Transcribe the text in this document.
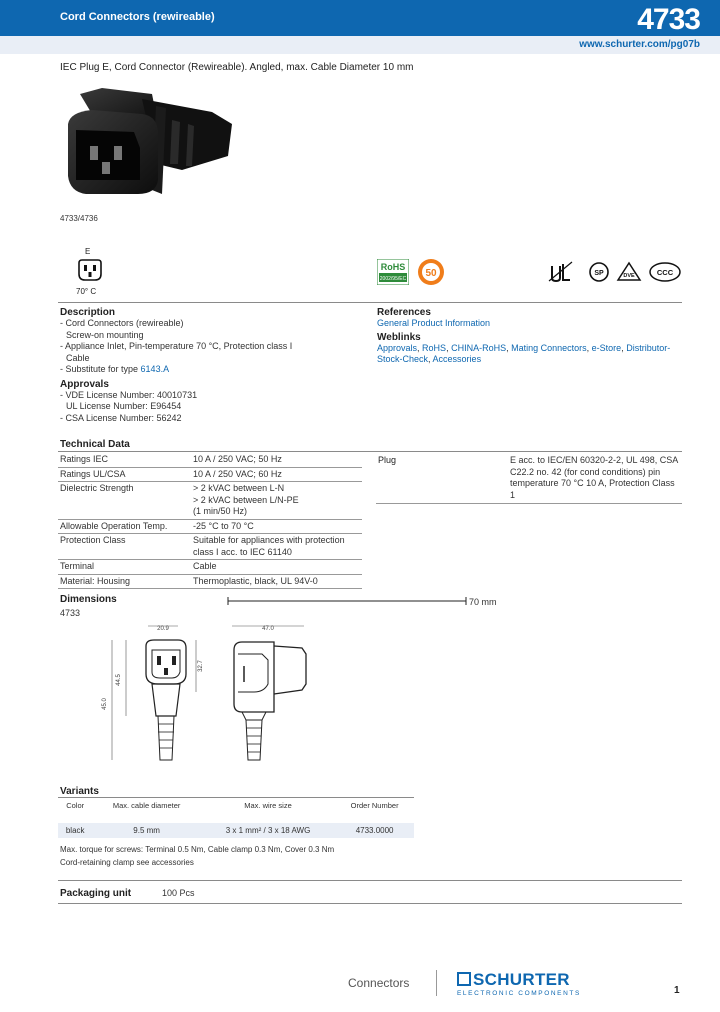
Cord Connectors (rewireable)	4733
www.schurter.com/pg07b
IEC Plug E, Cord Connector (Rewireable). Angled, max. Cable Diameter 10 mm
4733/4736
E
70° C
RoHS
2002/95/EC 50	SP	DVE	CCC
Description
- Cord Connectors (rewireable)
Screw-on mounting
- Appliance Inlet, Pin-temperature 70 °C, Protection class I
Cable
- Substitute for type 6143.A
Approvals
- VDE License Number: 40010731
UL License Number: E96454
- CSA License Number: 56242
References
General Product Information
Weblinks
Approvals, RoHS, CHINA-RoHS, Mating Connectors, e-Store, Distributor-Stock-Check, Accessories
Technical Data
Ratings IEC	10 A / 250 VAC; 50 Hz
Ratings UL/CSA	10 A / 250 VAC; 60 Hz
Dielectric Strength	> 2 kVAC between L-N
> 2 kVAC between L/N-PE
(1 min/50 Hz)
Allowable Operation Temp.	-25 °C to 70 °C
Protection Class	Suitable for appliances with protection class I acc. to IEC 61140
Terminal	Cable
Material: Housing	Thermoplastic, black, UL 94V-0
Plug	E acc. to IEC/EN 60320-2-2, UL 498, CSA C22.2 no. 42 (for cond conditions) pin temperature 70 °C 10 A, Protection Class 1
Dimensions
4733
70 mm
20.9
44.5
32.7
45.0
47.0
Variants
Color	Max. cable diameter	Max. wire size	Order Number

black	9.5 mm	3 x 1 mm² / 3 x 18 AWG	4733.0000
Max. torque for screws: Terminal 0.5 Nm, Cable clamp 0.3 Nm, Cover 0.3 Nm
Cord-retaining clamp see accessories
Packaging unit	100 Pcs
Connectors	SCHURTER
ELECTRONIC COMPONENTS	1
